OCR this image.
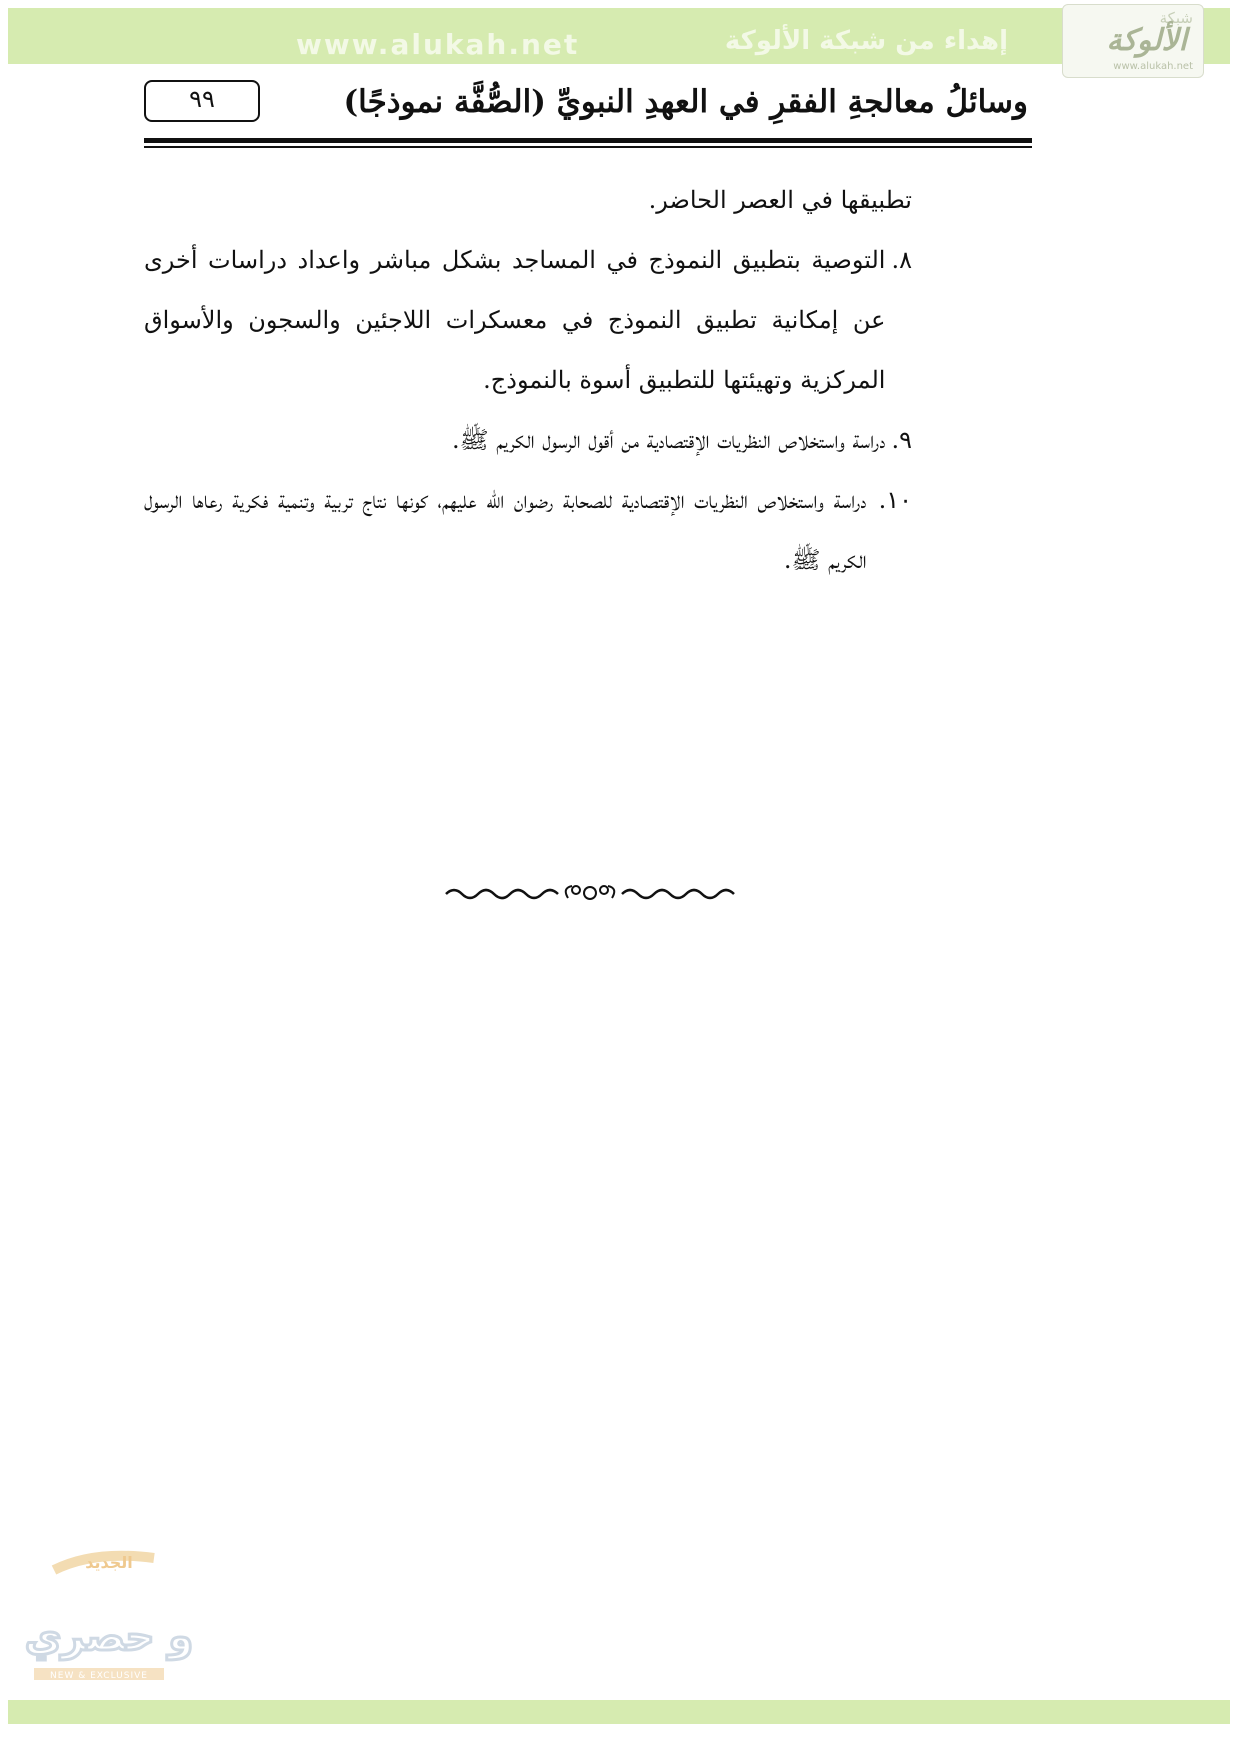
www.alukah.net	إهداء من شبكة الألوكة
شبكة
الألوكة
www.alukah.net
٩٩	وسائلُ معالجةِ الفقرِ في العهدِ النبويِّ (الصُّفَّة نموذجًا)

تطبيقها في العصر الحاضر.

٨.
التوصية بتطبيق النموذج في المساجد بشكل مباشر واعداد دراسات أخرى عن إمكانية تطبيق النموذج في معسكرات اللاجئين والسجون والأسواق المركزية وتهيئتها للتطبيق أسوة بالنموذج.
٩.
دراسة واستخلاص النظريات الإقتصادية من أقول الرسول الكريم ﷺ.
١٠.
دراسة واستخلاص النظريات الإقتصادية للصحابة رضوان الله عليهم، كونها نتاج تربية وتنمية فكرية رعاها الرسول الكريم ﷺ.
الجديد
و حصري
NEW & EXCLUSIVE
